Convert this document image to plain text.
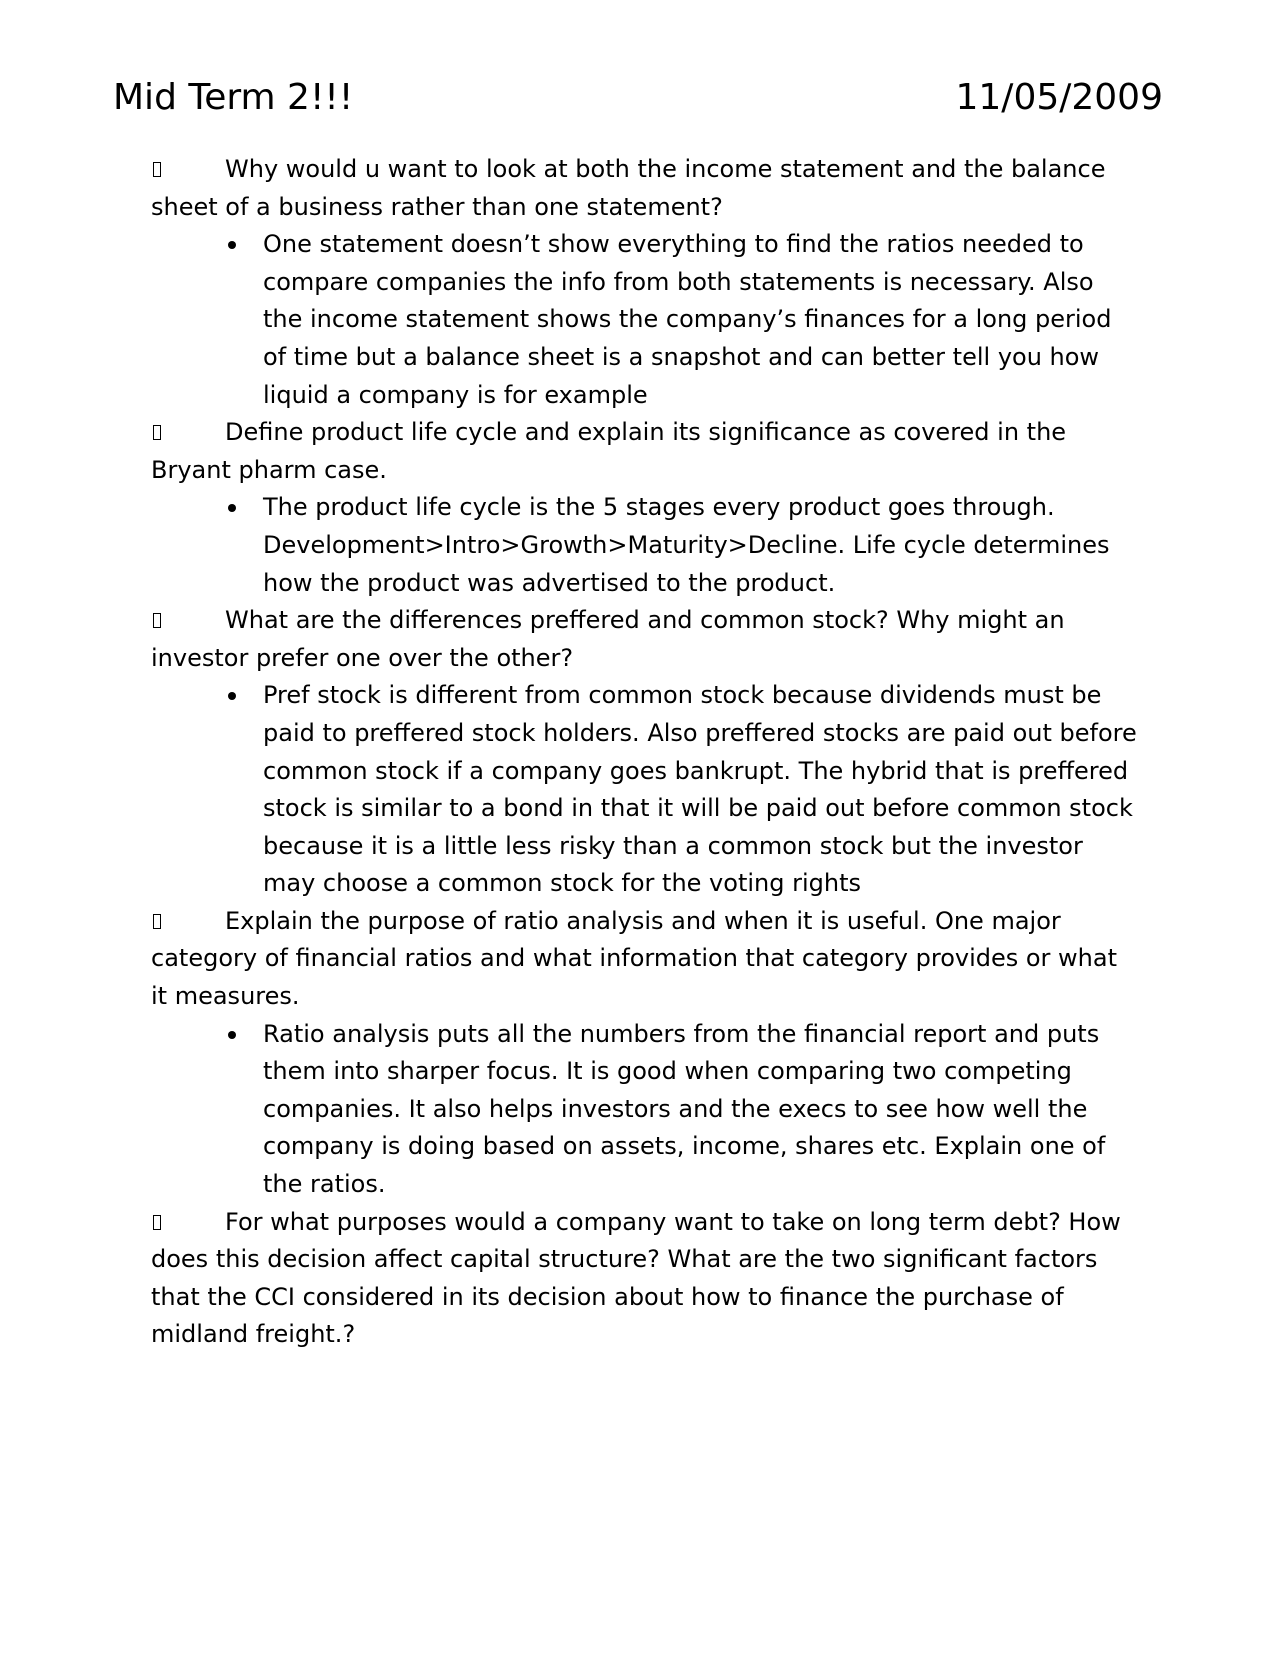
Mid Term 2!!!	11/05/2009
Why would u want to look at both the income statement and the balance sheet of a business rather than one statement?
One statement doesn’t show everything to find the ratios needed to compare companies the info from both statements is necessary. Also the income statement shows the company’s finances for a long period of time but a balance sheet is a snapshot and can better tell you how liquid a company is for example
Define product life cycle and explain its significance as covered in the Bryant pharm case.
The product life cycle is the 5 stages every product goes through. Development>Intro>Growth>Maturity>Decline. Life cycle determines how the product was advertised to the product.
What are the differences preffered and common stock? Why might an investor prefer one over the other?
Pref stock is different from common stock because dividends must be paid to preffered stock holders. Also preffered stocks are paid out before common stock if a company goes bankrupt. The hybrid that is preffered stock is similar to a bond in that it will be paid out before common stock because it is a little less risky than a common stock but the investor may choose a common stock for the voting rights
Explain the purpose of ratio analysis and when it is useful. One major category of financial ratios and what information that category provides or what it measures.
Ratio analysis puts all the numbers from the financial report and puts them into sharper focus. It is good when comparing two competing companies. It also helps investors and the execs to see how well the company is doing based on assets, income, shares etc. Explain one of the ratios.
For what purposes would a company want to take on long term debt? How does this decision affect capital structure? What are the two significant factors that the CCI considered in its decision about how to finance the purchase of midland freight.?
